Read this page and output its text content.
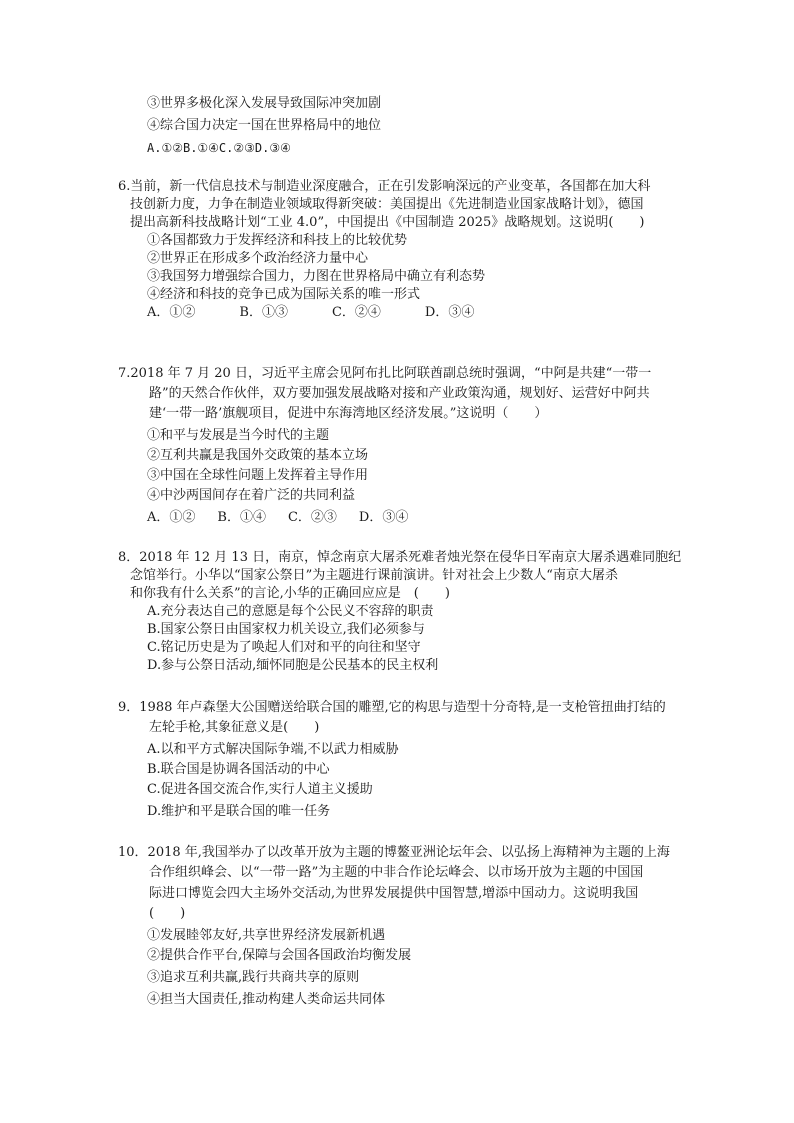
③世界多极化深入发展导致国际冲突加剧
④综合国力决定一国在世界格局中的地位
A.①②B.①④C.②③D.③④
6.当前，新一代信息技术与制造业深度融合，正在引发影响深远的产业变革，各国都在加大科
技创新力度，力争在制造业领域取得新突破：美国提出《先进制造业国家战略计划》，德国
提出高新科技战略计划“工业 4.0”，中国提出《中国制造 2025》战略规划。这说明(　　)
①各国都致力于发挥经济和科技上的比较优势
②世界正在形成多个政治经济力量中心
③我国努力增强综合国力，力图在世界格局中确立有利态势
④经济和科技的竞争已成为国际关系的唯一形式
A．①②	B．①③	C．②④	D．③④
7.2018 年 7 月 20 日，习近平主席会见阿布扎比阿联酋副总统时强调，“中阿是共建“一带一
路”的天然合作伙伴，双方要加强发展战略对接和产业政策沟通，规划好、运营好中阿共
建‘一带一路’旗舰项目，促进中东海湾地区经济发展。”这说明（　　）
①和平与发展是当今时代的主题
②互利共赢是我国外交政策的基本立场
③中国在全球性问题上发挥着主导作用
④中沙两国间存在着广泛的共同利益
A．①② B．①④ C．②③ D．③④
8．2018 年 12 月 13 日，南京，悼念南京大屠杀死难者烛光祭在侵华日军南京大屠杀遇难同胞纪
念馆举行。小华以“国家公祭日”为主题进行课前演讲。针对社会上少数人“南京大屠杀
和你我有什么关系”的言论,小华的正确回应应是　(　　)
A.充分表达自己的意愿是每个公民义不容辞的职责
B.国家公祭日由国家权力机关设立,我们必须参与
C.铭记历史是为了唤起人们对和平的向往和坚守
D.参与公祭日活动,缅怀同胞是公民基本的民主权利
9．1988 年卢森堡大公国赠送给联合国的雕塑,它的构思与造型十分奇特,是一支枪管扭曲打结的
左轮手枪,其象征意义是(　　)
A.以和平方式解决国际争端,不以武力相威胁
B.联合国是协调各国活动的中心
C.促进各国交流合作,实行人道主义援助
D.维护和平是联合国的唯一任务
10．2018 年,我国举办了以改革开放为主题的博鳌亚洲论坛年会、以弘扬上海精神为主题的上海
合作组织峰会、以“一带一路”为主题的中非合作论坛峰会、以市场开放为主题的中国国
际进口博览会四大主场外交活动,为世界发展提供中国智慧,增添中国动力。这说明我国
(　　)
①发展睦邻友好,共享世界经济发展新机遇
②提供合作平台,保障与会国各国政治均衡发展
③追求互利共赢,践行共商共享的原则
④担当大国责任,推动构建人类命运共同体
